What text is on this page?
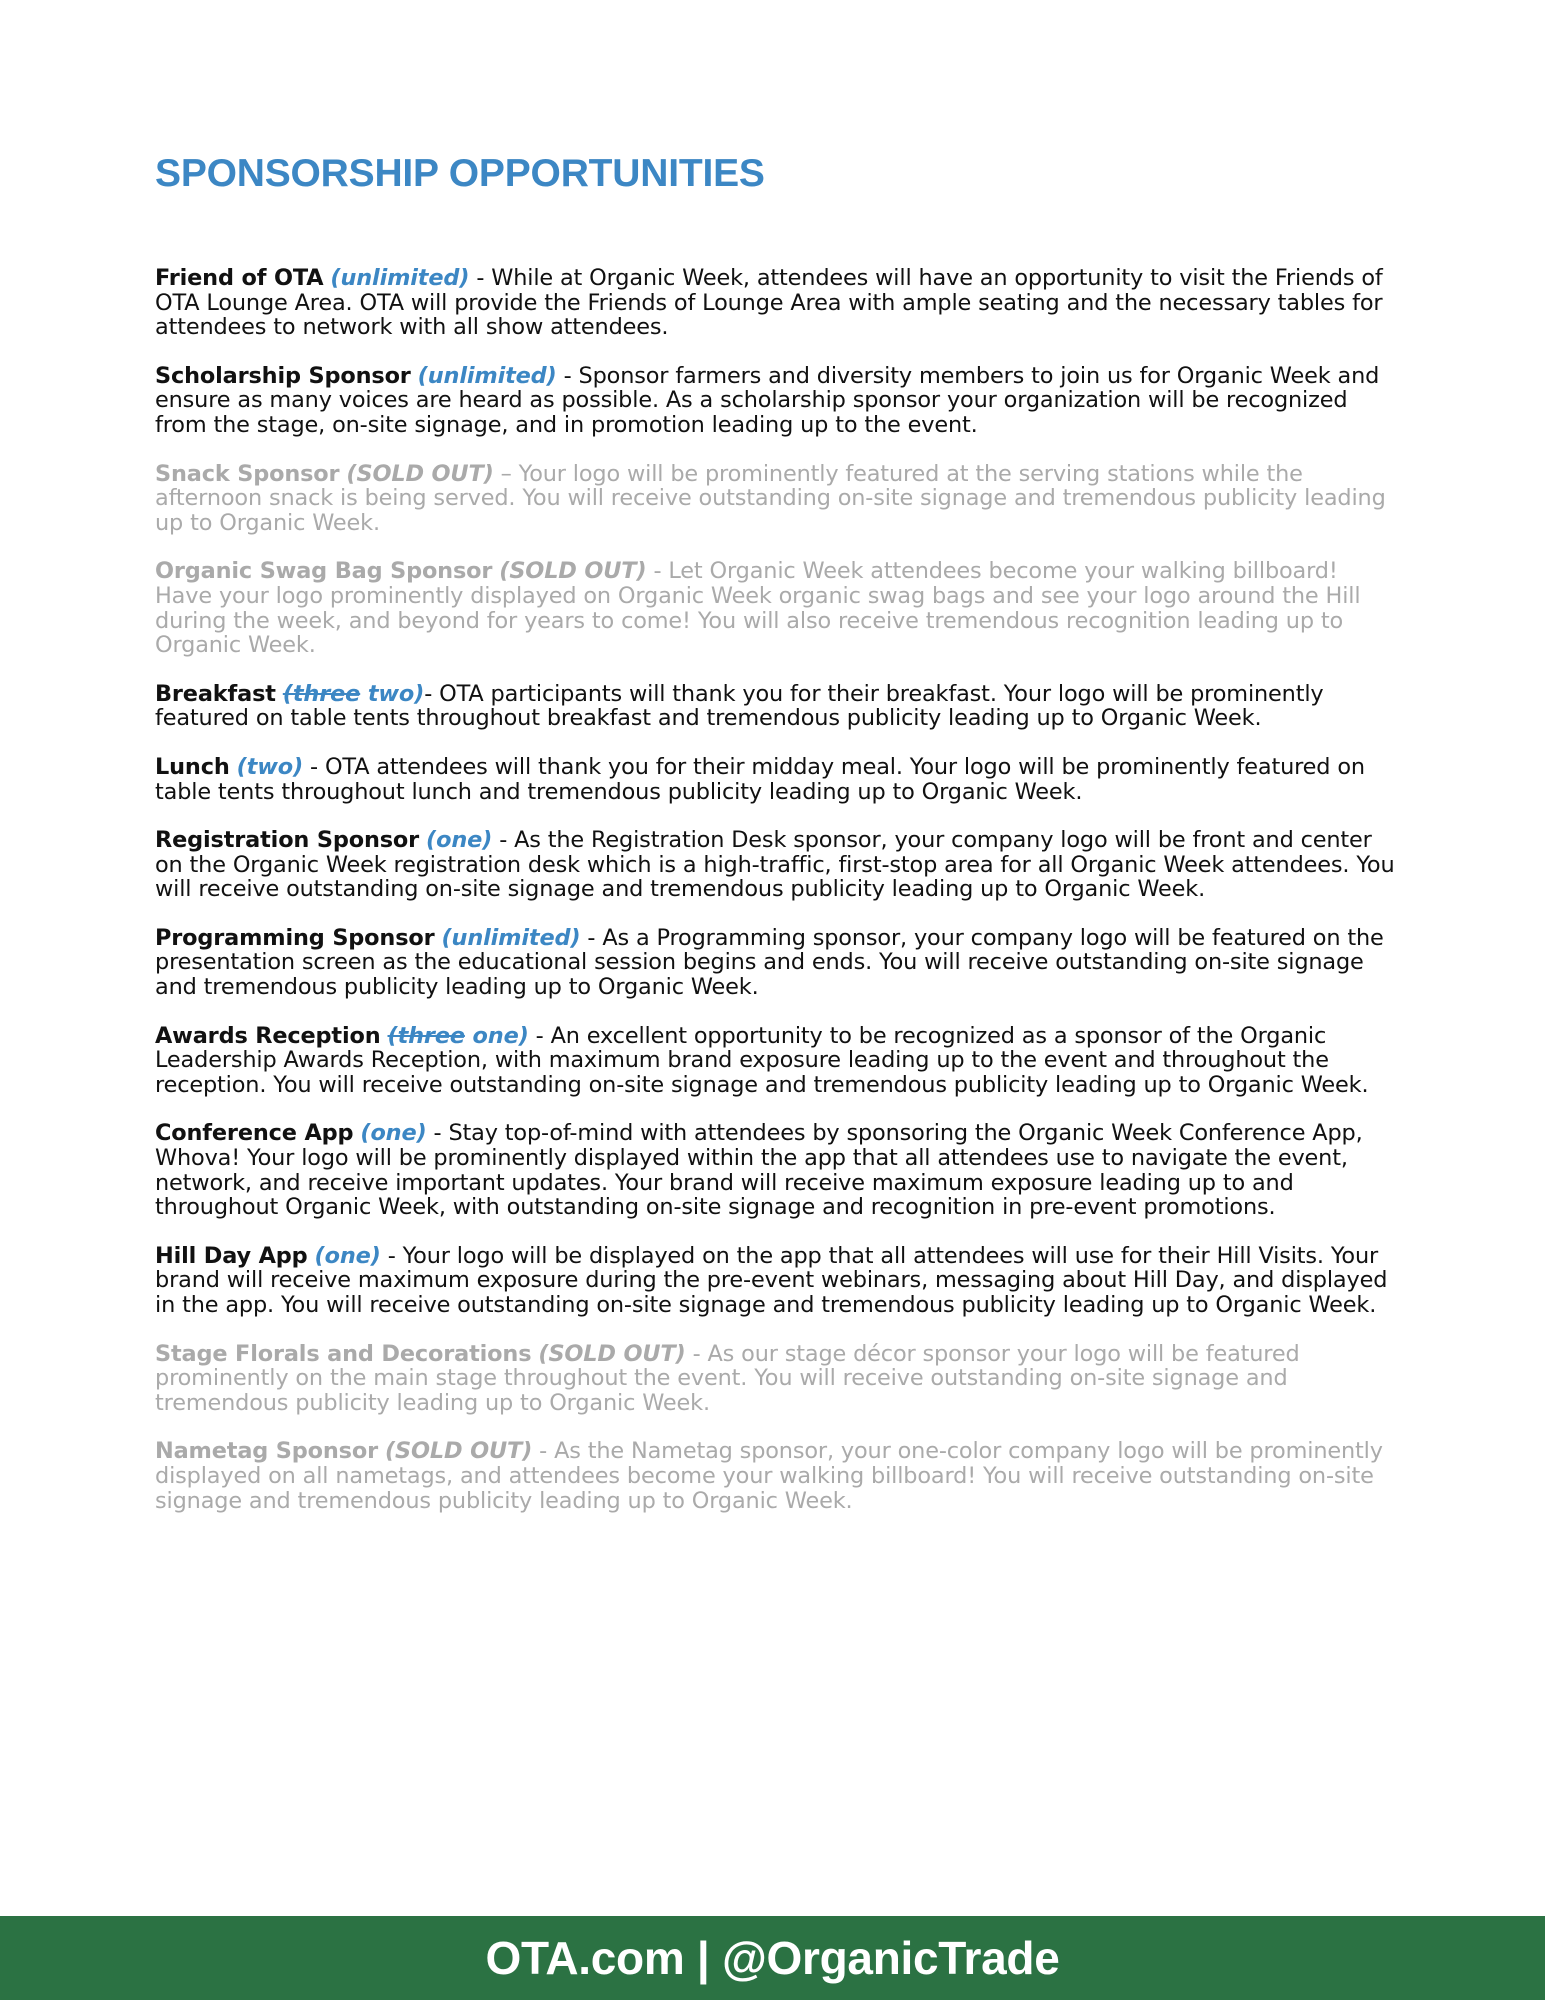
SPONSORSHIP OPPORTUNITIES

Friend of OTA (unlimited) - While at Organic Week, attendees will have an opportunity to visit the Friends of OTA Lounge Area. OTA will provide the Friends of Lounge Area with ample seating and the necessary tables for attendees to network with all show attendees.

Scholarship Sponsor (unlimited) - Sponsor farmers and diversity members to join us for Organic Week and ensure as many voices are heard as possible. As a scholarship sponsor your organization will be recognized from the stage, on-site signage, and in promotion leading up to the event.

Snack Sponsor (SOLD OUT) – Your logo will be prominently featured at the serving stations while the afternoon snack is being served. You will receive outstanding on-site signage and tremendous publicity leading up to Organic Week.

Organic Swag Bag Sponsor (SOLD OUT) - Let Organic Week attendees become your walking billboard! Have your logo prominently displayed on Organic Week organic swag bags and see your logo around the Hill during the week, and beyond for years to come! You will also receive tremendous recognition leading up to Organic Week.

Breakfast (three two)- OTA participants will thank you for their breakfast. Your logo will be prominently featured on table tents throughout breakfast and tremendous publicity leading up to Organic Week.

Lunch (two) - OTA attendees will thank you for their midday meal. Your logo will be prominently featured on table tents throughout lunch and tremendous publicity leading up to Organic Week.

Registration Sponsor (one) - As the Registration Desk sponsor, your company logo will be front and center on the Organic Week registration desk which is a high-traffic, first-stop area for all Organic Week attendees. You will receive outstanding on-site signage and tremendous publicity leading up to Organic Week.

Programming Sponsor (unlimited) - As a Programming sponsor, your company logo will be featured on the presentation screen as the educational session begins and ends. You will receive outstanding on-site signage and tremendous publicity leading up to Organic Week.

Awards Reception (three one) - An excellent opportunity to be recognized as a sponsor of the Organic Leadership Awards Reception, with maximum brand exposure leading up to the event and throughout the reception. You will receive outstanding on-site signage and tremendous publicity leading up to Organic Week.

Conference App (one) - Stay top-of-mind with attendees by sponsoring the Organic Week Conference App, Whova! Your logo will be prominently displayed within the app that all attendees use to navigate the event, network, and receive important updates. Your brand will receive maximum exposure leading up to and throughout Organic Week, with outstanding on-site signage and recognition in pre-event promotions.

Hill Day App (one) - Your logo will be displayed on the app that all attendees will use for their Hill Visits. Your brand will receive maximum exposure during the pre-event webinars, messaging about Hill Day, and displayed in the app. You will receive outstanding on-site signage and tremendous publicity leading up to Organic Week.

Stage Florals and Decorations (SOLD OUT) - As our stage décor sponsor your logo will be featured prominently on the main stage throughout the event. You will receive outstanding on-site signage and tremendous publicity leading up to Organic Week.

Nametag Sponsor (SOLD OUT) - As the Nametag sponsor, your one-color company logo will be prominently displayed on all nametags, and attendees become your walking billboard! You will receive outstanding on-site signage and tremendous publicity leading up to Organic Week.

OTA.com | @OrganicTrade
